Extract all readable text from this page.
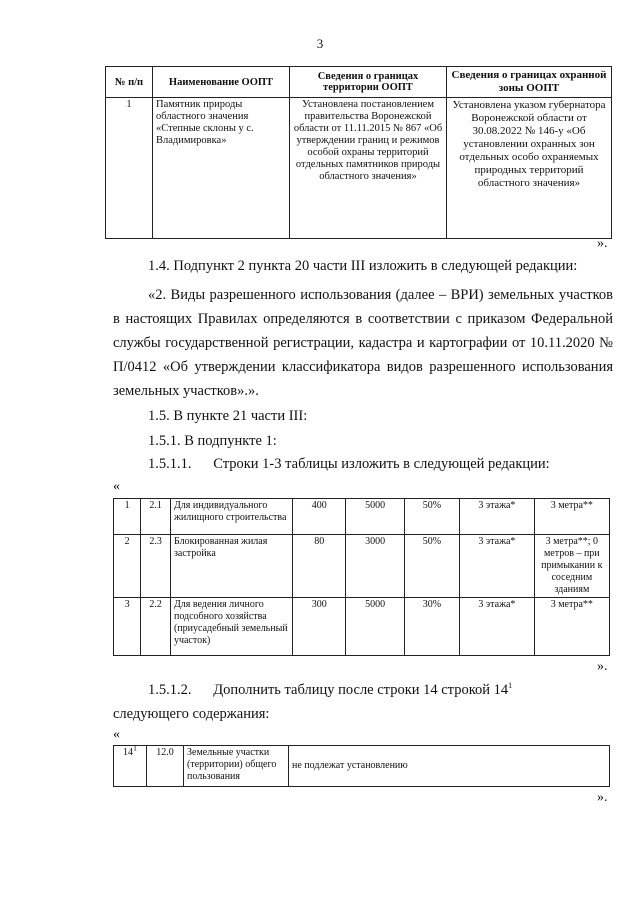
3
№ п/п	Наименование ООПТ	Сведения о границах территории ООПТ	Сведения о границах охранной зоны ООПТ
1	Памятник природы областного значения «Степные склоны у с. Владимировка»	Установлена постановлением правительства Воронежской области от 11.11.2015 № 867 «Об утверждении границ и режимов особой охраны территорий отдельных памятников природы областного значения»	Установлена указом губернатора Воронежской области от 30.08.2022 № 146-у «Об установлении охранных зон отдельных особо охраняемых природных территорий областного значения»
».
1.4. Подпункт 2 пункта 20 части III изложить в следующей редакции:
«2. Виды разрешенного использования (далее – ВРИ) земельных участков в настоящих Правилах определяются в соответствии с приказом Федеральной службы государственной регистрации, кадастра и картографии от 10.11.2020 № П/0412 «Об утверждении классификатора видов разрешенного использования земельных участков».».
1.5. В пункте 21 части III:
1.5.1. В подпункте 1:
1.5.1.1.      Строки 1-3 таблицы изложить в следующей редакции:
«
1	2.1	Для индивидуального жилищного строительства	400	5000	50%	3 этажа*	3 метра**
2	2.3	Блокированная жилая застройка	80	3000	50%	3 этажа*	3 метра**; 0 метров – при примыкании к соседним зданиям
3	2.2	Для ведения личного подсобного хозяйства (приусадебный земельный участок)	300	5000	30%	3 этажа*	3 метра**
».
1.5.1.2.      Дополнить таблицу после строки 14 строкой $14^1$
следующего содержания:
«
$14^1$	12.0	Земельные участки (территории) общего пользования	не подлежат установлению
».
